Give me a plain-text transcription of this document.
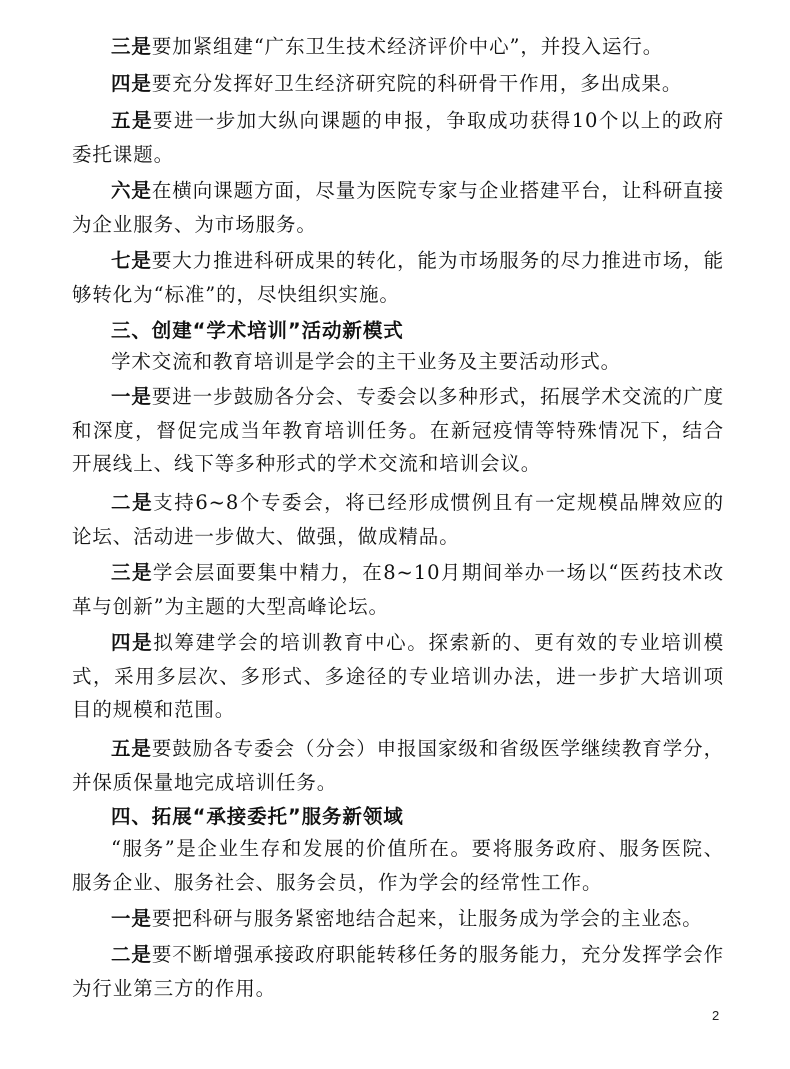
三是要加紧组建“广东卫生技术经济评价中心”，并投入运行。

四是要充分发挥好卫生经济研究院的科研骨干作用，多出成果。

五是要进一步加大纵向课题的申报，争取成功获得10个以上的政府委托课题。

六是在横向课题方面，尽量为医院专家与企业搭建平台，让科研直接为企业服务、为市场服务。

七是要大力推进科研成果的转化，能为市场服务的尽力推进市场，能够转化为“标准”的，尽快组织实施。

三、创建“学术培训”活动新模式

学术交流和教育培训是学会的主干业务及主要活动形式。

一是要进一步鼓励各分会、专委会以多种形式，拓展学术交流的广度和深度，督促完成当年教育培训任务。在新冠疫情等特殊情况下，结合开展线上、线下等多种形式的学术交流和培训会议。

二是支持6~8个专委会，将已经形成惯例且有一定规模品牌效应的论坛、活动进一步做大、做强，做成精品。

三是学会层面要集中精力，在8~10月期间举办一场以“医药技术改革与创新”为主题的大型高峰论坛。

四是拟筹建学会的培训教育中心。探索新的、更有效的专业培训模式，采用多层次、多形式、多途径的专业培训办法，进一步扩大培训项目的规模和范围。

五是要鼓励各专委会（分会）申报国家级和省级医学继续教育学分，并保质保量地完成培训任务。

四、拓展“承接委托”服务新领域

“服务”是企业生存和发展的价值所在。要将服务政府、服务医院、服务企业、服务社会、服务会员，作为学会的经常性工作。

一是要把科研与服务紧密地结合起来，让服务成为学会的主业态。

二是要不断增强承接政府职能转移任务的服务能力，充分发挥学会作为行业第三方的作用。

2
